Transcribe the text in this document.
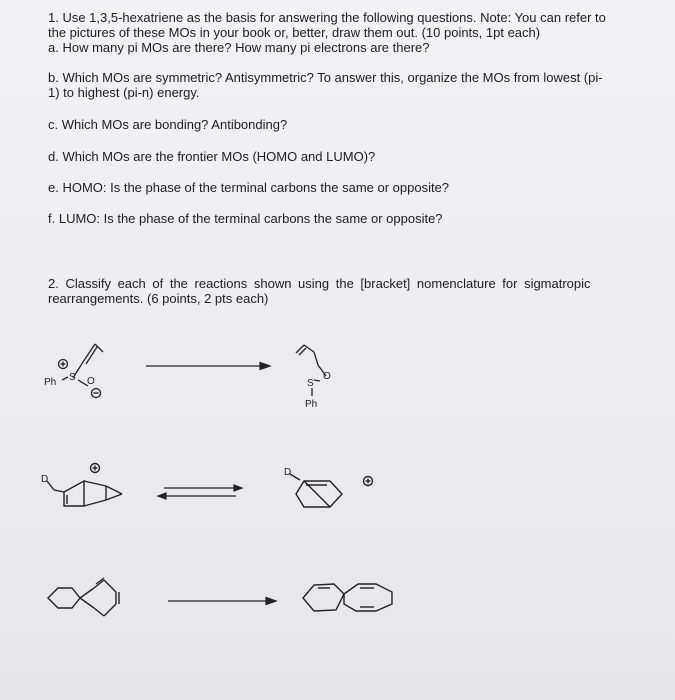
1. Use 1,3,5-hexatriene as the basis for answering the following questions. Note: You can refer to
the pictures of these MOs in your book or, better, draw them out. (10 points, 1pt each)
a. How many pi MOs are there? How many pi electrons are there?
b. Which MOs are symmetric? Antisymmetric? To answer this, organize the MOs from lowest (pi-
1) to highest (pi-n) energy.
c. Which MOs are bonding? Antibonding?
d. Which MOs are the frontier MOs (HOMO and LUMO)?
e. HOMO: Is the phase of the terminal carbons the same or opposite?
f. LUMO: Is the phase of the terminal carbons the same or opposite?
2. Classify each of the reactions shown using the [bracket] nomenclature for sigmatropic
rearrangements. (6 points, 2 pts each)
Ph S O	S
O
Ph
D
D
